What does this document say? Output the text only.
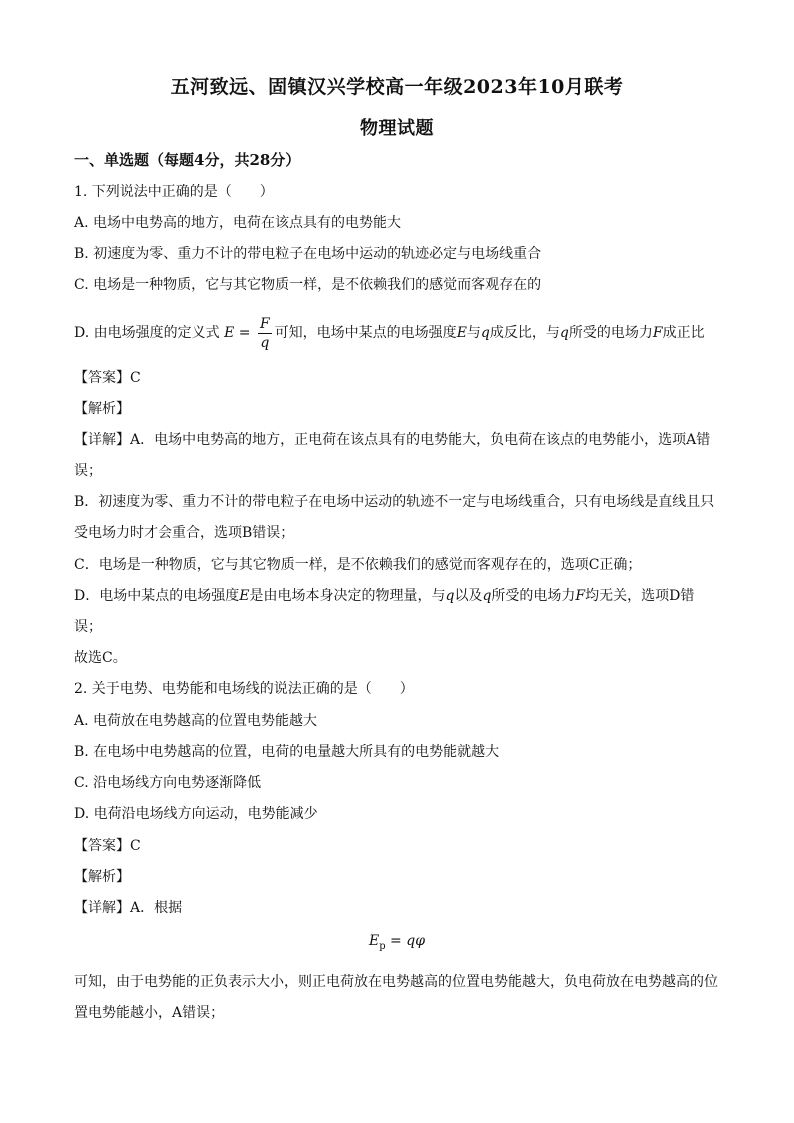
五河致远、固镇汉兴学校高一年级2023年10月联考
物理试题
一、单选题（每题4分，共28分）
1. 下列说法中正确的是（　　）
A. 电场中电势高的地方，电荷在该点具有的电势能大
B. 初速度为零、重力不计的带电粒子在电场中运动的轨迹必定与电场线重合
C. 电场是一种物质，它与其它物质一样，是不依赖我们的感觉而客观存在的
D. 由电场强度的定义式 $E = \frac{F}{q}$ 可知，电场中某点的电场强度E与q成反比，与q所受的电场力F成正比
【答案】C
【解析】
【详解】A．电场中电势高的地方，正电荷在该点具有的电势能大，负电荷在该点的电势能小，选项A错
误；
B．初速度为零、重力不计的带电粒子在电场中运动的轨迹不一定与电场线重合，只有电场线是直线且只
受电场力时才会重合，选项B错误；
C．电场是一种物质，它与其它物质一样，是不依赖我们的感觉而客观存在的，选项C正确；
D．电场中某点的电场强度E是由电场本身决定的物理量，与q以及q所受的电场力F均无关，选项D错
误；
故选C。
2. 关于电势、电势能和电场线的说法正确的是（　　）
A. 电荷放在电势越高的位置电势能越大
B. 在电场中电势越高的位置，电荷的电量越大所具有的电势能就越大
C. 沿电场线方向电势逐渐降低
D. 电荷沿电场线方向运动，电势能减少
【答案】C
【解析】
【详解】A．根据
$E_p = q\varphi$
可知，由于电势能的正负表示大小，则正电荷放在电势越高的位置电势能越大，负电荷放在电势越高的位
置电势能越小，A错误；
